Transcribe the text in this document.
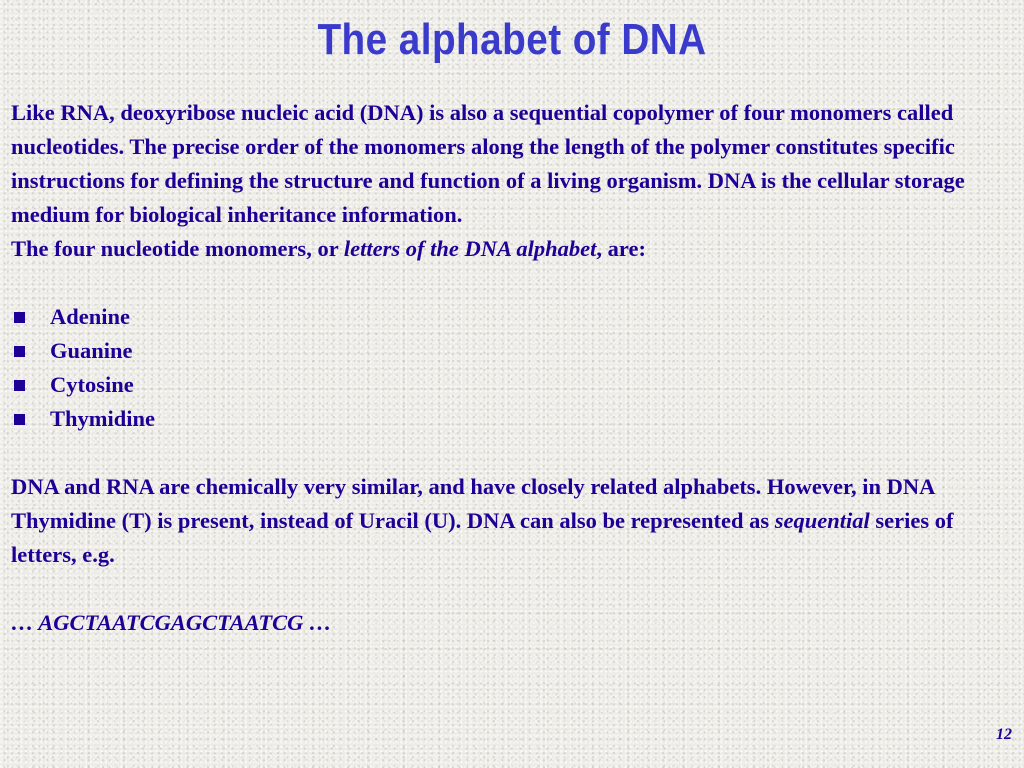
The alphabet of DNA

Like RNA, deoxyribose nucleic acid (DNA) is also a sequential copolymer of four monomers called nucleotides. The precise order of the monomers along the length of the polymer constitutes specific instructions for defining the structure and function of a living organism. DNA is the cellular storage medium for biological inheritance information.

The four nucleotide monomers, or letters of the DNA alphabet, are:

Adenine
Guanine
Cytosine
Thymidine

DNA and RNA are chemically very similar, and have closely related alphabets. However, in DNA Thymidine (T) is present, instead of Uracil (U). DNA can also be represented as sequential series of letters, e.g.

… AGCTAATCGAGCTAATCG …

12
